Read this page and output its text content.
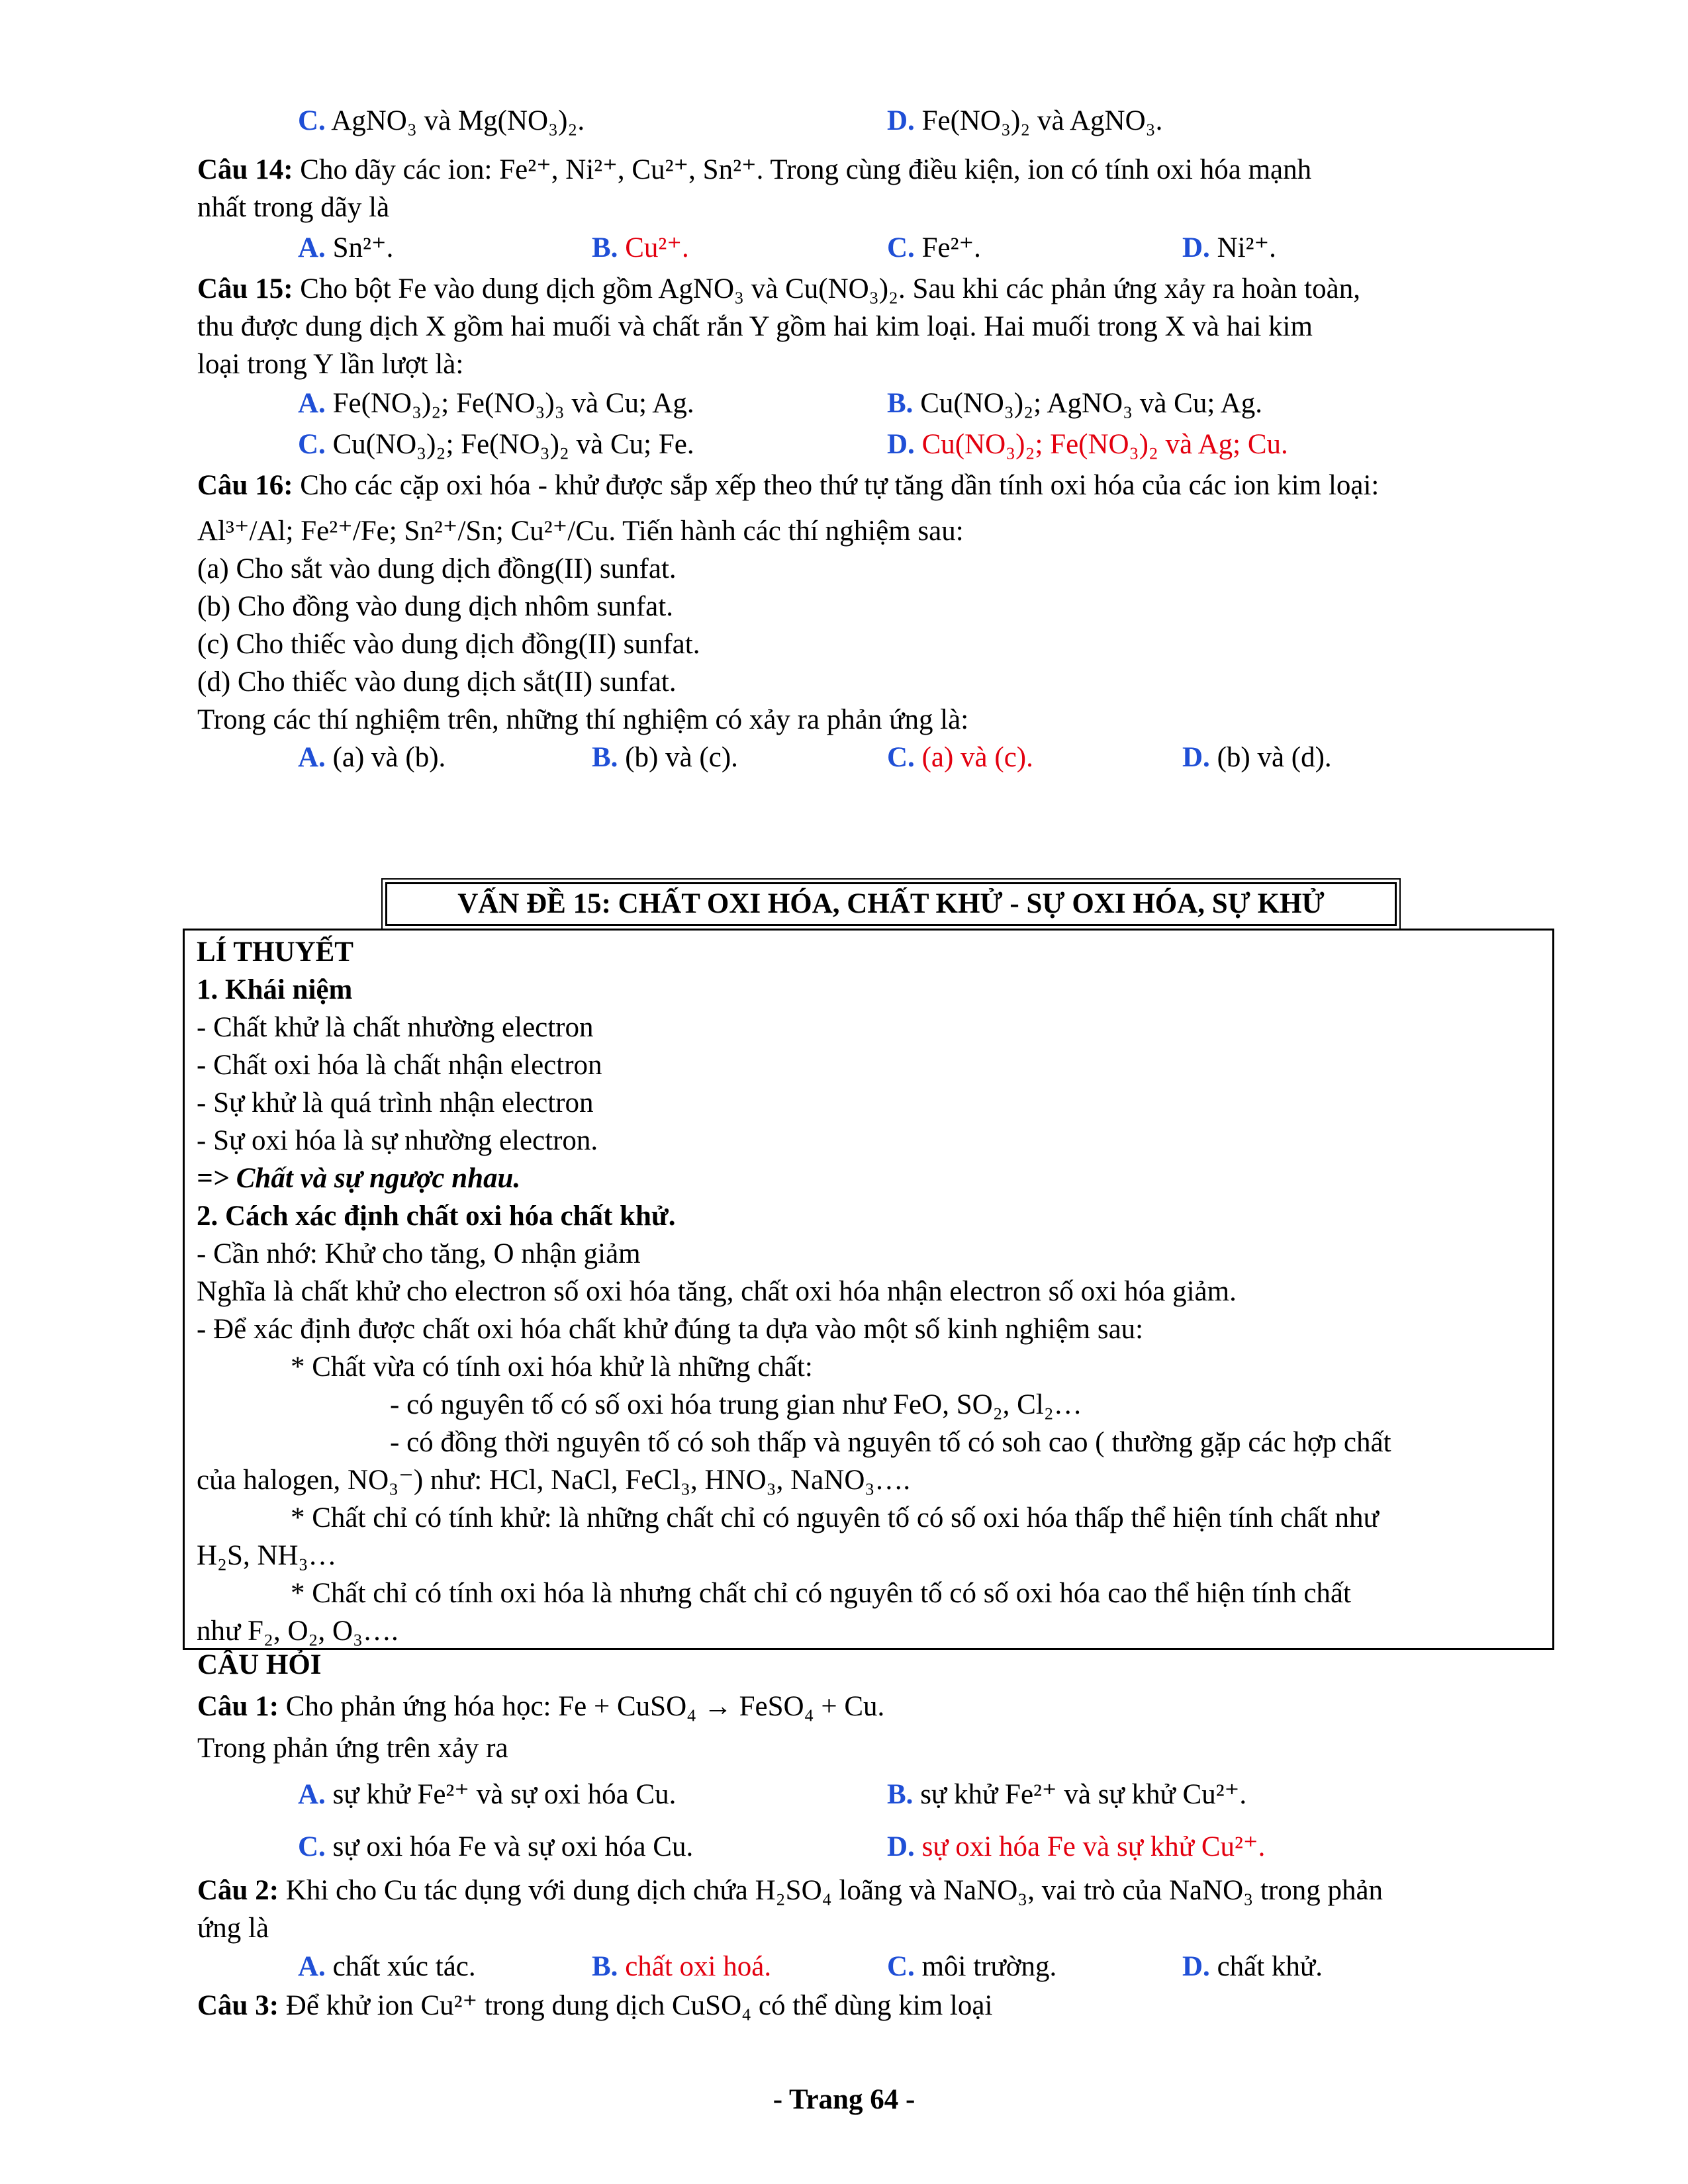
C. AgNO₃ và Mg(NO₃)₂.	D. Fe(NO₃)₂ và AgNO₃.
Câu 14: Cho dãy các ion: Fe²⁺, Ni²⁺, Cu²⁺, Sn²⁺. Trong cùng điều kiện, ion có tính oxi hóa mạnh
nhất trong dãy là
A. Sn²⁺.	B. Cu²⁺.	C. Fe²⁺.	D. Ni²⁺.
Câu 15: Cho bột Fe vào dung dịch gồm AgNO₃ và Cu(NO₃)₂. Sau khi các phản ứng xảy ra hoàn toàn,
thu được dung dịch X gồm hai muối và chất rắn Y gồm hai kim loại. Hai muối trong X và hai kim
loại trong Y lần lượt là:
A. Fe(NO₃)₂; Fe(NO₃)₃ và Cu; Ag.	B. Cu(NO₃)₂; AgNO₃ và Cu; Ag.
C. Cu(NO₃)₂; Fe(NO₃)₂ và Cu; Fe.	D. Cu(NO₃)₂; Fe(NO₃)₂ và Ag; Cu.
Câu 16: Cho các cặp oxi hóa - khử được sắp xếp theo thứ tự tăng dần tính oxi hóa của các ion kim loại:
Al³⁺/Al; Fe²⁺/Fe; Sn²⁺/Sn; Cu²⁺/Cu. Tiến hành các thí nghiệm sau:
(a) Cho sắt vào dung dịch đồng(II) sunfat.
(b) Cho đồng vào dung dịch nhôm sunfat.
(c) Cho thiếc vào dung dịch đồng(II) sunfat.
(d) Cho thiếc vào dung dịch sắt(II) sunfat.
Trong các thí nghiệm trên, những thí nghiệm có xảy ra phản ứng là:
A. (a) và (b).	B. (b) và (c).	C. (a) và (c).	D. (b) và (d).
VẤN ĐỀ 15: CHẤT OXI HÓA, CHẤT KHỬ - SỰ OXI HÓA, SỰ KHỬ
LÍ THUYẾT
1. Khái niệm
- Chất khử là chất nhường electron
- Chất oxi hóa là chất nhận electron
- Sự khử là quá trình nhận electron
- Sự oxi hóa là sự nhường electron.
=> Chất và sự ngược nhau.
2. Cách xác định chất oxi hóa chất khử.
- Cần nhớ: Khử cho tăng, O nhận giảm
Nghĩa là chất khử cho electron số oxi hóa tăng, chất oxi hóa nhận electron số oxi hóa giảm.
- Để xác định được chất oxi hóa chất khử đúng ta dựa vào một số kinh nghiệm sau:
* Chất vừa có tính oxi hóa khử là những chất:
- có nguyên tố có số oxi hóa trung gian như FeO, SO₂, Cl₂…
- có đồng thời nguyên tố có soh thấp và nguyên tố có soh cao ( thường gặp các hợp chất
của halogen, NO₃⁻) như: HCl, NaCl, FeCl₃, HNO₃, NaNO₃….
* Chất chỉ có tính khử: là những chất chỉ có nguyên tố có số oxi hóa thấp thể hiện tính chất như
H₂S, NH₃…
* Chất chỉ có tính oxi hóa là nhưng chất chỉ có nguyên tố có số oxi hóa cao thể hiện tính chất
như F₂, O₂, O₃….
CÂU HỎI
Câu 1: Cho phản ứng hóa học: Fe + CuSO₄ → FeSO₄ + Cu.
Trong phản ứng trên xảy ra
A. sự khử Fe²⁺ và sự oxi hóa Cu.	B. sự khử Fe²⁺ và sự khử Cu²⁺.
C. sự oxi hóa Fe và sự oxi hóa Cu.	D. sự oxi hóa Fe và sự khử Cu²⁺.
Câu 2: Khi cho Cu tác dụng với dung dịch chứa H₂SO₄ loãng và NaNO₃, vai trò của NaNO₃ trong phản
ứng là
A. chất xúc tác.	B. chất oxi hoá.	C. môi trường.	D. chất khử.
Câu 3: Để khử ion Cu²⁺ trong dung dịch CuSO₄ có thể dùng kim loại
- Trang 64 -
